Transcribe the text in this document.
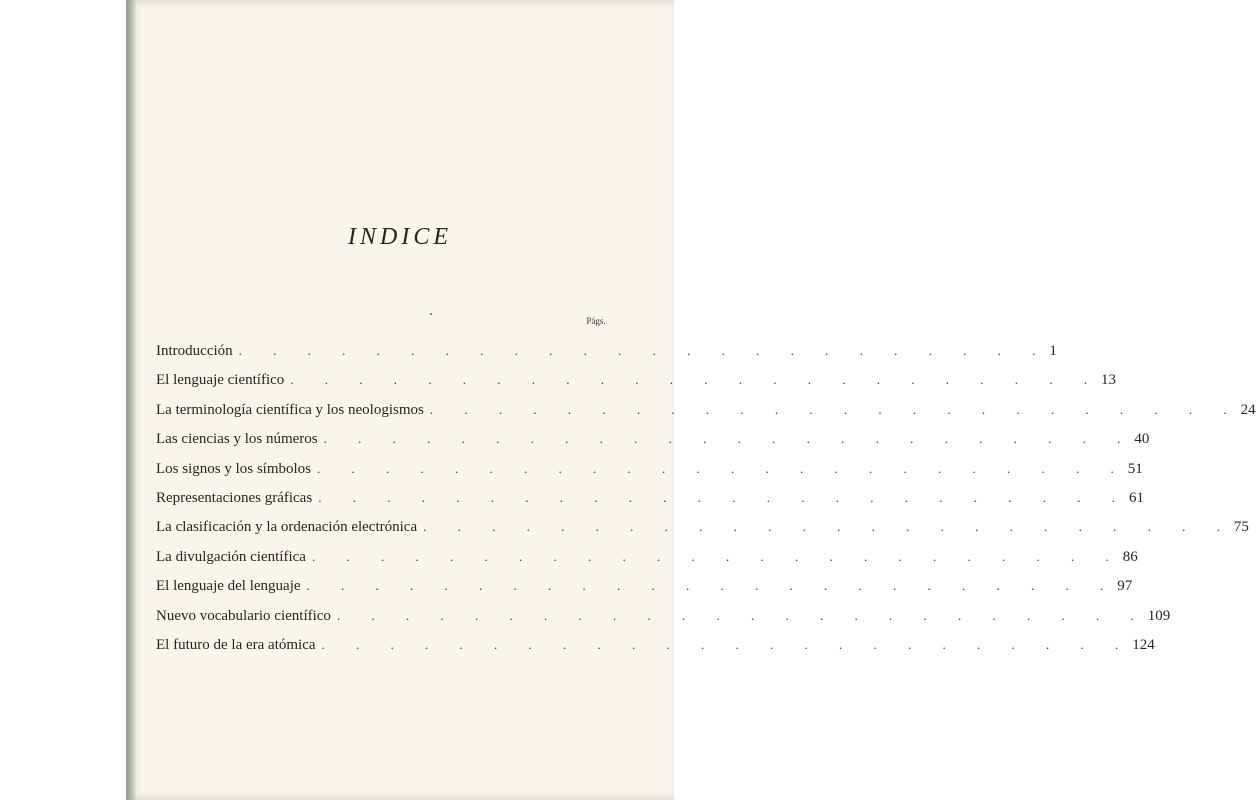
INDICE
Págs.
Introducción . . . . . . . . . . . . . . . . . . . . . . . . 1
El lenguaje científico . . . . . . . . . . . . . . . . . . . . . . . . 13
La terminología científica y los neologismos . . . . . . . . . . . . . . . . . . . . . . . . 24
Las ciencias y los números . . . . . . . . . . . . . . . . . . . . . . . . 40
Los signos y los símbolos . . . . . . . . . . . . . . . . . . . . . . . . 51
Representaciones gráficas . . . . . . . . . . . . . . . . . . . . . . . . 61
La clasificación y la ordenación electrónica . . . . . . . . . . . . . . . . . . . . . . . . 75
La divulgación científica . . . . . . . . . . . . . . . . . . . . . . . . 86
El lenguaje del lenguaje . . . . . . . . . . . . . . . . . . . . . . . . 97
Nuevo vocabulario científico . . . . . . . . . . . . . . . . . . . . . . . . 109
El futuro de la era atómica . . . . . . . . . . . . . . . . . . . . . . . . 124
